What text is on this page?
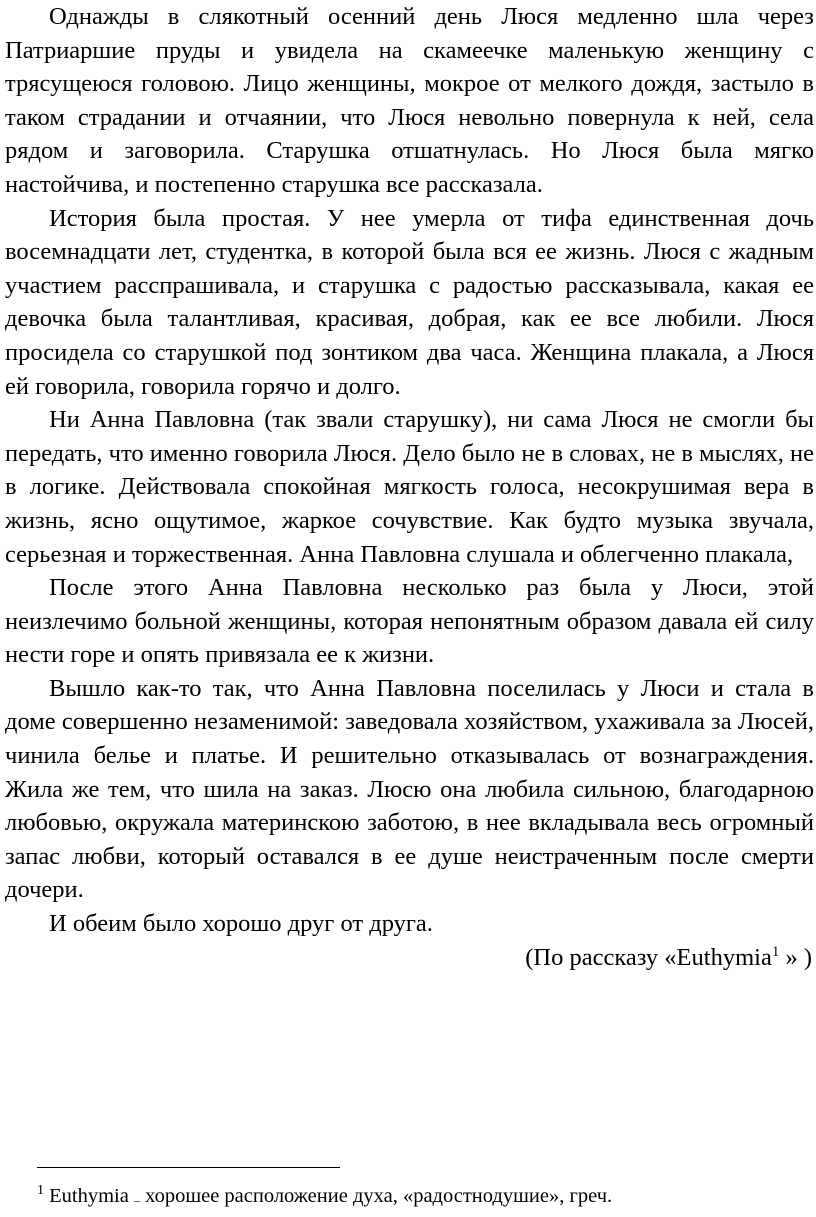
Однажды в слякотный осенний день Люся медленно шла через Патриаршие пруды и увидела на скамеечке маленькую женщину с трясущеюся головою. Лицо женщины, мокрое от мелкого дождя, застыло в таком страдании и отчаянии, что Люся невольно повернула к ней, села рядом и заговорила. Старушка отшатнулась. Но Люся была мягко настойчива, и постепенно старушка все рассказала.

История была простая. У нее умерла от тифа единственная дочь восемнадцати лет, студентка, в которой была вся ее жизнь. Люся с жадным участием расспрашивала, и старушка с радостью рассказывала, какая ее девочка была талантливая, красивая, добрая, как ее все любили. Люся просидела со старушкой под зонтиком два часа. Женщина плакала, а Люся ей говорила, говорила горячо и долго.

Ни Анна Павловна (так звали старушку), ни сама Люся не смогли бы передать, что именно говорила Люся. Дело было не в словах, не в мыслях, не в логике. Действовала спокойная мягкость голоса, несокрушимая вера в жизнь, ясно ощутимое, жаркое сочувствие. Как будто музыка звучала, серьезная и торжественная. Анна Павловна слушала и облегченно плакала,

После этого Анна Павловна несколько раз была у Люси, этой неизлечимо больной женщины, которая непонятным образом давала ей силу нести горе и опять привязала ее к жизни.

Вышло как-то так, что Анна Павловна поселилась у Люси и стала в доме совершенно незаменимой: заведовала хозяйством, ухаживала за Люсей, чинила белье и платье. И решительно отказывалась от вознаграждения. Жила же тем, что шила на заказ. Люсю она любила сильною, благодарною любовью, окружала материнскою заботою, в нее вкладывала весь огромный запас любви, который оставался в ее душе неистраченным после смерти дочери.

И обеим было хорошо друг от друга.

(По рассказу «Euthymia$^1$ » )

$^1$ Euthymia – хорошее расположение духа, «радостнодушие», греч.
